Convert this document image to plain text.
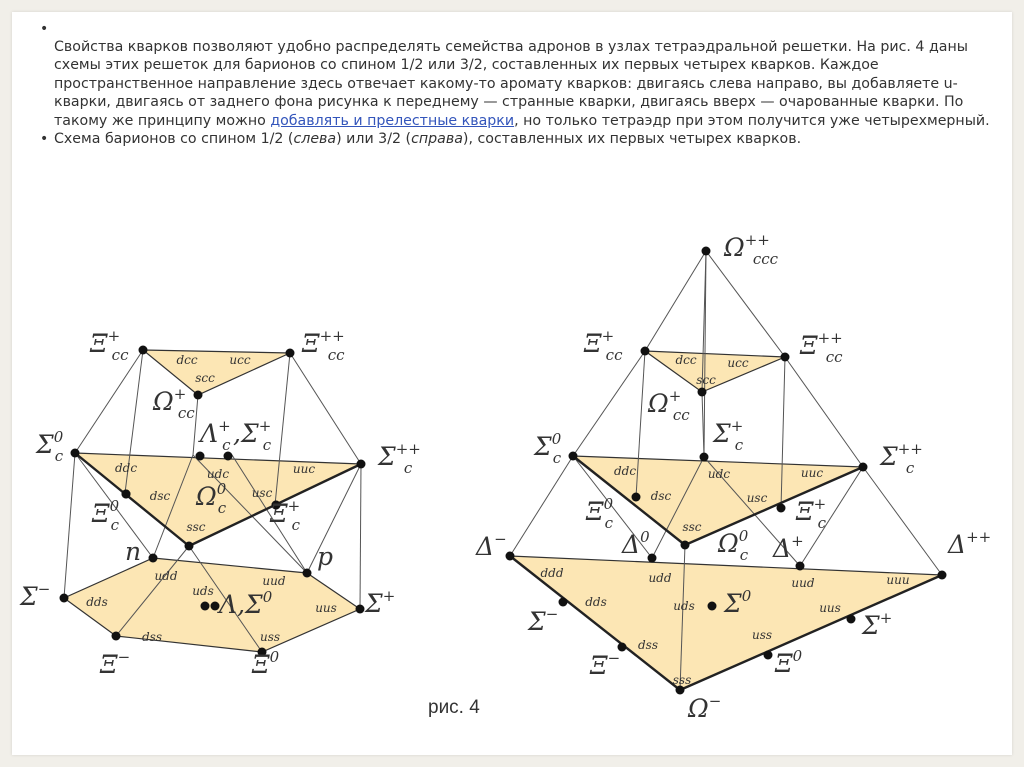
•

Свойства кварков позволяют удобно распределять семейства адронов в узлах тетраэдральной решетки. На рис. 4 даны схемы этих решеток для барионов со спином 1/2 или 3/2, составленных их первых четырех кварков. Каждое пространственное направление здесь отвечает какому-то аромату кварков: двигаясь слева направо, вы добавляете u-кварки, двигаясь от заднего фона рисунка к переднему — странные кварки, двигаясь вверх — очарованные кварки. По такому же принципу можно добавлять и прелестные кварки, но только тетраэдр при этом получится уже четырехмерный.

• Схема барионов со спином 1/2 (слева) или 3/2 (справа), составленных их первых четырех кварков.

dcc	ucc
scc
ddc	udc	uuc
dsc	usc
ssc
udd	uud
dds
uds
uus
dss	uss
Ξ+ cc 	Ξ++ cc 
Ω+ cc 
Λ+ c  ,Σ+ c 
$\Sigma^0$ c 	Σ++ c 
$\Xi^0$ c 
$\Omega^0$ c  Ξ+ c 
n	p
Σ− 
$\Lambda,\Sigma^0$ 	Σ+ 
Ξ− 	$\Xi^0$ 
dcc	ucc
scc
ddc	udc	uuc
dsc	usc
ssc
ddd	udd	uud	uuu
dds	uds	uus
dss
uss
sss
Ω++ ccc 
Ξ+ cc 	Ξ++ cc 
Ω+ cc 
Σ+ c 
$\Sigma^0$ c 	Σ++ c 
$\Xi^0$ c 	Ξ+ c 
$\Omega^0$ c 
Δ− 	$\Delta^0$ 	Δ+ 	Δ++ 
$\Sigma^0$ 
Σ− 	Σ+ 
Ξ− 	$\Xi^0$ 
Ω− 
рис. 4
